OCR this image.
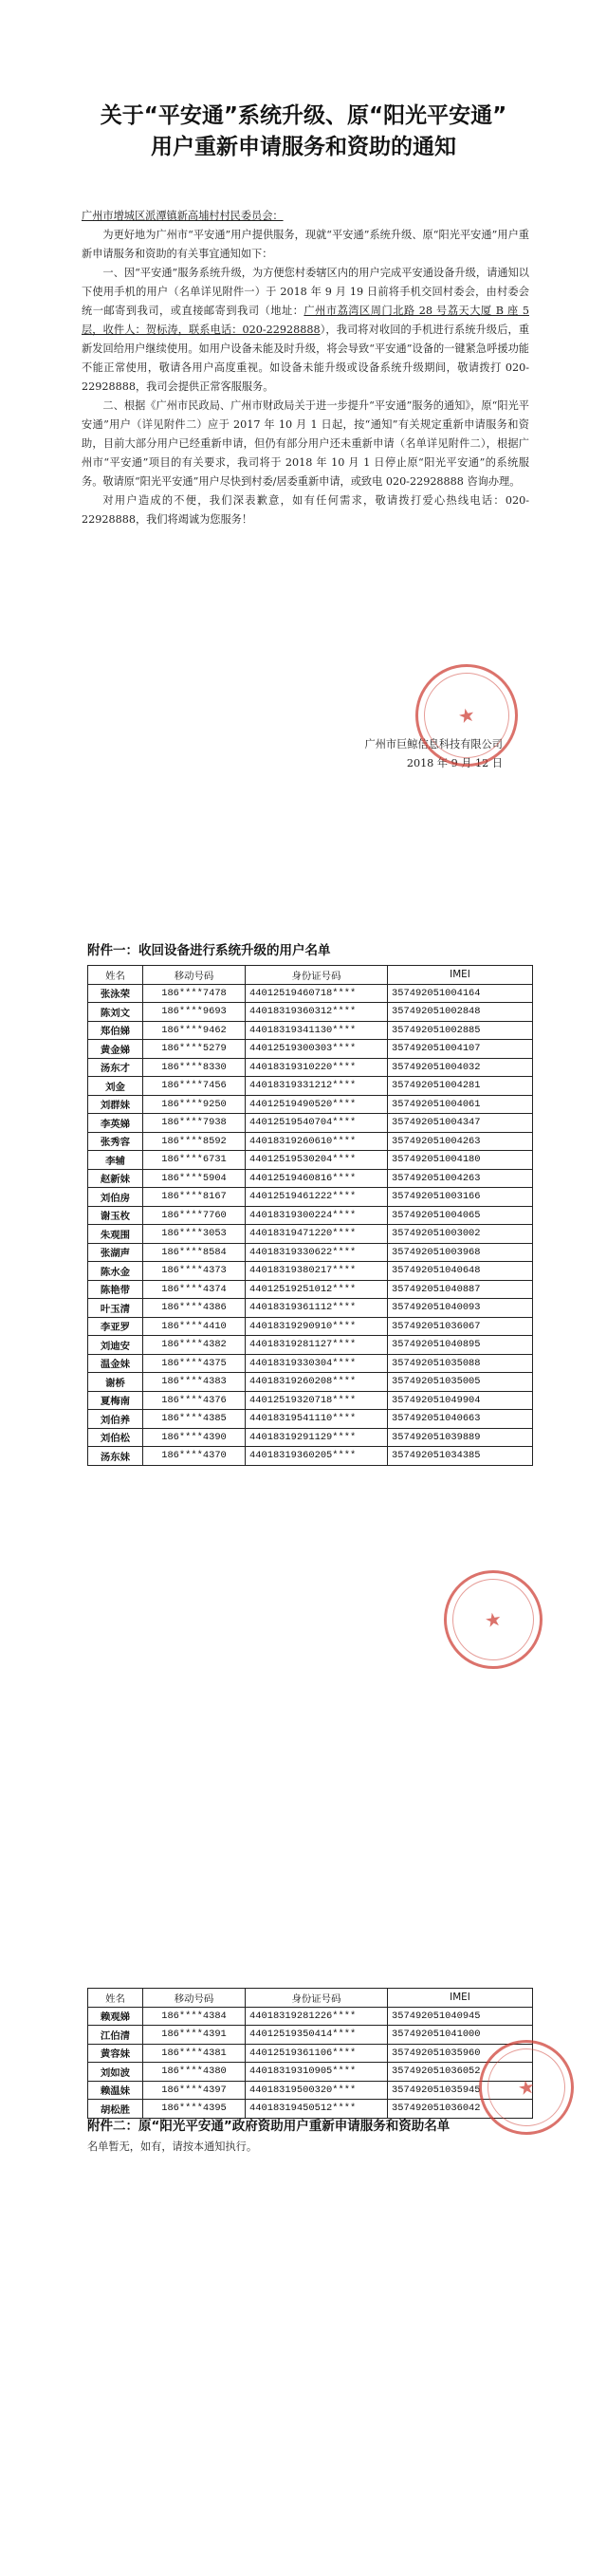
关于“平安通”系统升级、原“阳光平安通”
用户重新申请服务和资助的通知

广州市增城区派潭镇新高埔村村民委员会：

为更好地为广州市“平安通”用户提供服务，现就“平安通”系统升级、原“阳光平安通”用户重新申请服务和资助的有关事宜通知如下：

一、因“平安通”服务系统升级，为方便您村委辖区内的用户完成平安通设备升级，请通知以下使用手机的用户（名单详见附件一）于 2018 年 9 月 19 日前将手机交回村委会，由村委会统一邮寄到我司，或直接邮寄到我司（地址：广州市荔湾区周门北路 28 号荔天大厦 B 座 5 层，收件人：贺标涛，联系电话：020-22928888），我司将对收回的手机进行系统升级后，重新发回给用户继续使用。如用户设备未能及时升级，将会导致“平安通”设备的一键紧急呼援功能不能正常使用，敬请各用户高度重视。如设备未能升级或设备系统升级期间，敬请拨打 020-22928888，我司会提供正常客服服务。

二、根据《广州市民政局、广州市财政局关于进一步提升“平安通”服务的通知》，原“阳光平安通”用户（详见附件二）应于 2017 年 10 月 1 日起，按“通知”有关规定重新申请服务和资助，目前大部分用户已经重新申请，但仍有部分用户还未重新申请（名单详见附件二），根据广州市“平安通”项目的有关要求，我司将于 2018 年 10 月 1 日停止原“阳光平安通”的系统服务。敬请原“阳光平安通”用户尽快到村委/居委重新申请，或致电 020-22928888 咨询办理。

对用户造成的不便，我们深表歉意，如有任何需求，敬请拨打爱心热线电话：020-22928888，我们将竭诚为您服务！

广州市巨鲸信息科技有限公司
2018 年 9 月 12 日
★
附件一：收回设备进行系统升级的用户名单
姓名	移动号码	身份证号码	IMEI
张泳荣	186****7478	44012519460718****	357492051004164
陈刘文	186****9693	44018319360312****	357492051002848
郑伯娣	186****9462	44018319341130****	357492051002885
黄金娣	186****5279	44012519300303****	357492051004107
汤东才	186****8330	44018319310220****	357492051004032
刘金	186****7456	44018319331212****	357492051004281
刘群妹	186****9250	44012519490520****	357492051004061
李英娣	186****7938	44012519540704****	357492051004347
张秀容	186****8592	44018319260610****	357492051004263
李辅	186****6731	44012519530204****	357492051004180
赵新妹	186****5904	44012519460816****	357492051004263
刘伯房	186****8167	44012519461222****	357492051003166
谢玉枚	186****7760	44018319300224****	357492051004065
朱观围	186****3053	44018319471220****	357492051003002
张湖声	186****8584	44018319330622****	357492051003968
陈水金	186****4373	44018319380217****	357492051040648
陈艳带	186****4374	44012519251012****	357492051040887
叶玉清	186****4386	44018319361112****	357492051040093
李亚罗	186****4410	44018319290910****	357492051036067
刘迪安	186****4382	44018319281127****	357492051040895
温金妹	186****4375	44018319330304****	357492051035088
谢桥	186****4383	44018319260208****	357492051035005
夏梅南	186****4376	44012519320718****	357492051049904
刘伯养	186****4385	44018319541110****	357492051040663
刘伯松	186****4390	44018319291129****	357492051039889
汤东妹	186****4370	44018319360205****	357492051034385
★
姓名	移动号码	身份证号码	IMEI
赖观娣	186****4384	44018319281226****	357492051040945
江伯清	186****4391	44012519350414****	357492051041000
黄容妹	186****4381	44012519361106****	357492051035960
刘如波	186****4380	44018319310905****	357492051036052
赖温妹	186****4397	44018319500320****	357492051035945
胡松胜	186****4395	44018319450512****	357492051036042
★
附件二：原“阳光平安通”政府资助用户重新申请服务和资助名单
名单暂无，如有，请按本通知执行。
